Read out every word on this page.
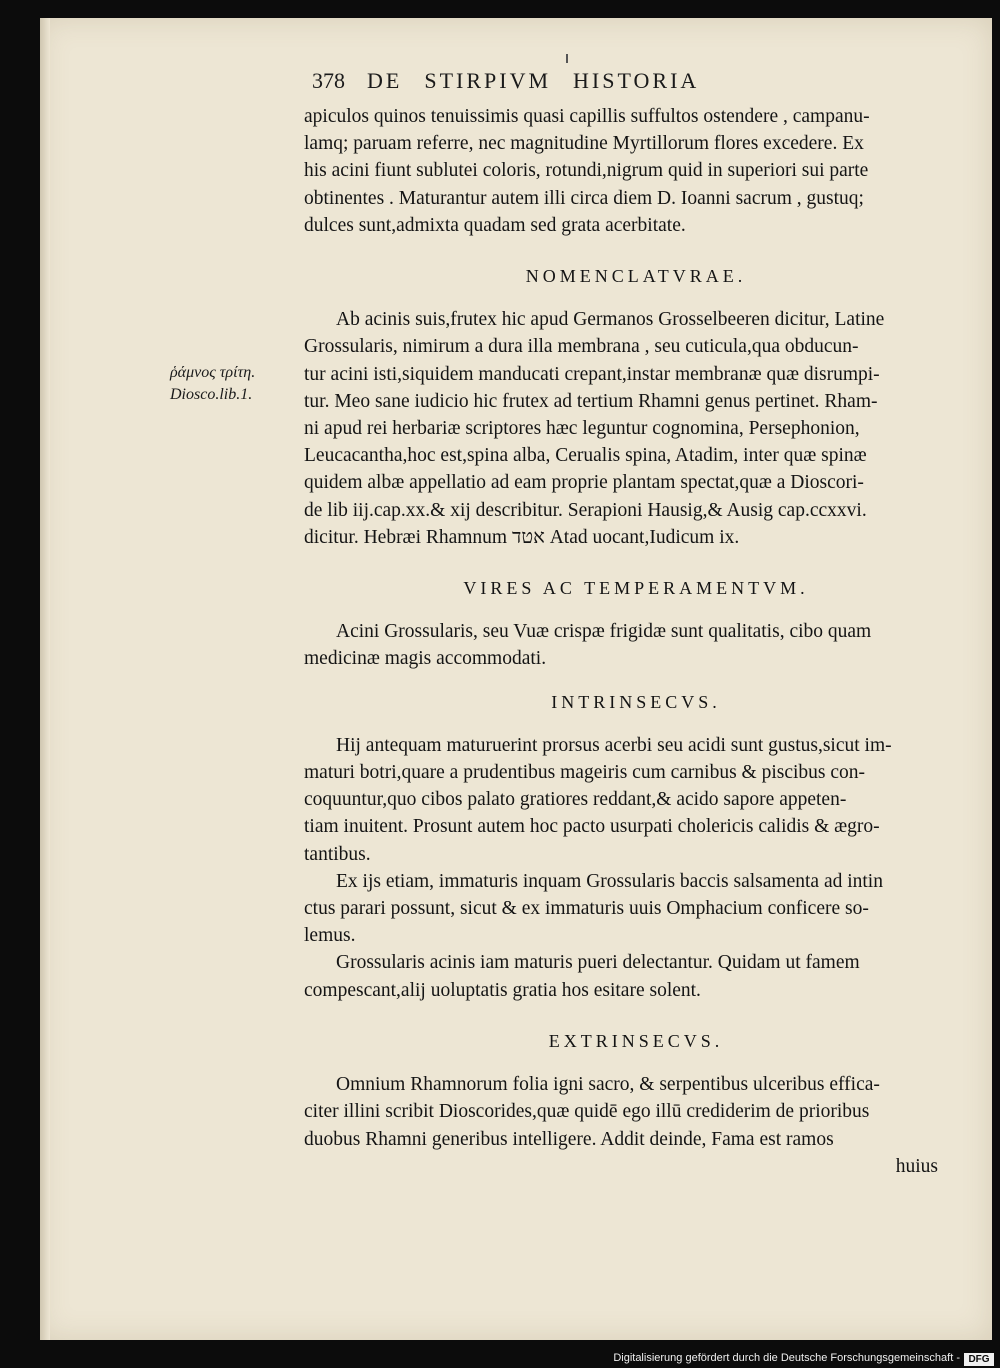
378 DE STIRPIVM HISTORIA
ῥάμνος τρίτη.
Diosco.lib.1.

apiculos quinos tenuissimis quasi capillis suffultos ostendere , campanu-

lamq; paruam referre, nec magnitudine Myrtillorum flores excedere. Ex

his acini fiunt sublutei coloris, rotundi,nigrum quid in superiori sui parte

obtinentes . Maturantur autem illi circa diem D. Ioanni sacrum , gustuq;

dulces sunt,admixta quadam sed grata acerbitate.

NOMENCLATVRAE.

Ab acinis suis,frutex hic apud Germanos Grosselbeeren dicitur, Latine

Grossularis, nimirum a dura illa membrana , seu cuticula,qua obducun-

tur acini isti,siquidem manducati crepant,instar membranæ quæ disrumpi-

tur. Meo sane iudicio hic frutex ad tertium Rhamni genus pertinet. Rham-

ni apud rei herbariæ scriptores hæc leguntur cognomina, Persephonion,

Leucacantha,hoc est,spina alba, Cerualis spina, Atadim, inter quæ spinæ

quidem albæ appellatio ad eam proprie plantam spectat,quæ a Dioscori-

de lib iij.cap.xx.& xij describitur. Serapioni Hausig,& Ausig cap.ccxxvi.

dicitur. Hebræi Rhamnum אטד Atad uocant,Iudicum ix.

VIRES AC TEMPERAMENTVM.

Acini Grossularis, seu Vuæ crispæ frigidæ sunt qualitatis, cibo quam

medicinæ magis accommodati.

INTRINSECVS.

Hij antequam maturuerint prorsus acerbi seu acidi sunt gustus,sicut im-

maturi botri,quare a prudentibus mageiris cum carnibus & piscibus con-

coquuntur,quo cibos palato gratiores reddant,& acido sapore appeten-

tiam inuitent. Prosunt autem hoc pacto usurpati cholericis calidis & ægro-

tantibus.

Ex ijs etiam, immaturis inquam Grossularis baccis salsamenta ad intin

ctus parari possunt, sicut & ex immaturis uuis Omphacium conficere so-

lemus.

Grossularis acinis iam maturis pueri delectantur. Quidam ut famem

compescant,alij uoluptatis gratia hos esitare solent.

EXTRINSECVS.

Omnium Rhamnorum folia igni sacro, & serpentibus ulceribus effica-

citer illini scribit Dioscorides,quæ quidē ego illū crediderim de prioribus

duobus Rhamni generibus intelligere. Addit deinde, Fama est ramos

huius

Digitalisierung gefördert durch die Deutsche Forschungsgemeinschaft - DFG
